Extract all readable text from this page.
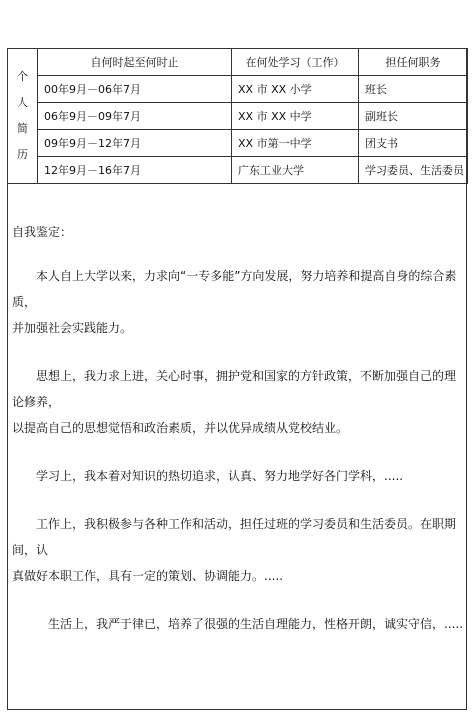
个
人
简
历	自何时起至何时止	在何处学习（工作）	担任何职务
	00年9月－06年7月	XX 市 XX 小学	班长
	06年9月－09年7月	XX 市 XX 中学	副班长
	09年9月－12年7月	XX 市第一中学	团支书
	12年9月－16年7月	广东工业大学	学习委员、生活委员

自我鉴定：

本人自上大学以来，力求向“一专多能”方向发展，努力培养和提高自身的综合素质，

并加强社会实践能力。

思想上，我力求上进，关心时事，拥护党和国家的方针政策，不断加强自己的理论修养，

以提高自己的思想觉悟和政治素质，并以优异成绩从党校结业。

学习上，我本着对知识的热切追求，认真、努力地学好各门学科，.....

工作上，我积极参与各种工作和活动，担任过班的学习委员和生活委员。在职期间，认

真做好本职工作，具有一定的策划、协调能力。.....

生活上，我严于律已，培养了很强的生活自理能力，性格开朗，诚实守信，.....
